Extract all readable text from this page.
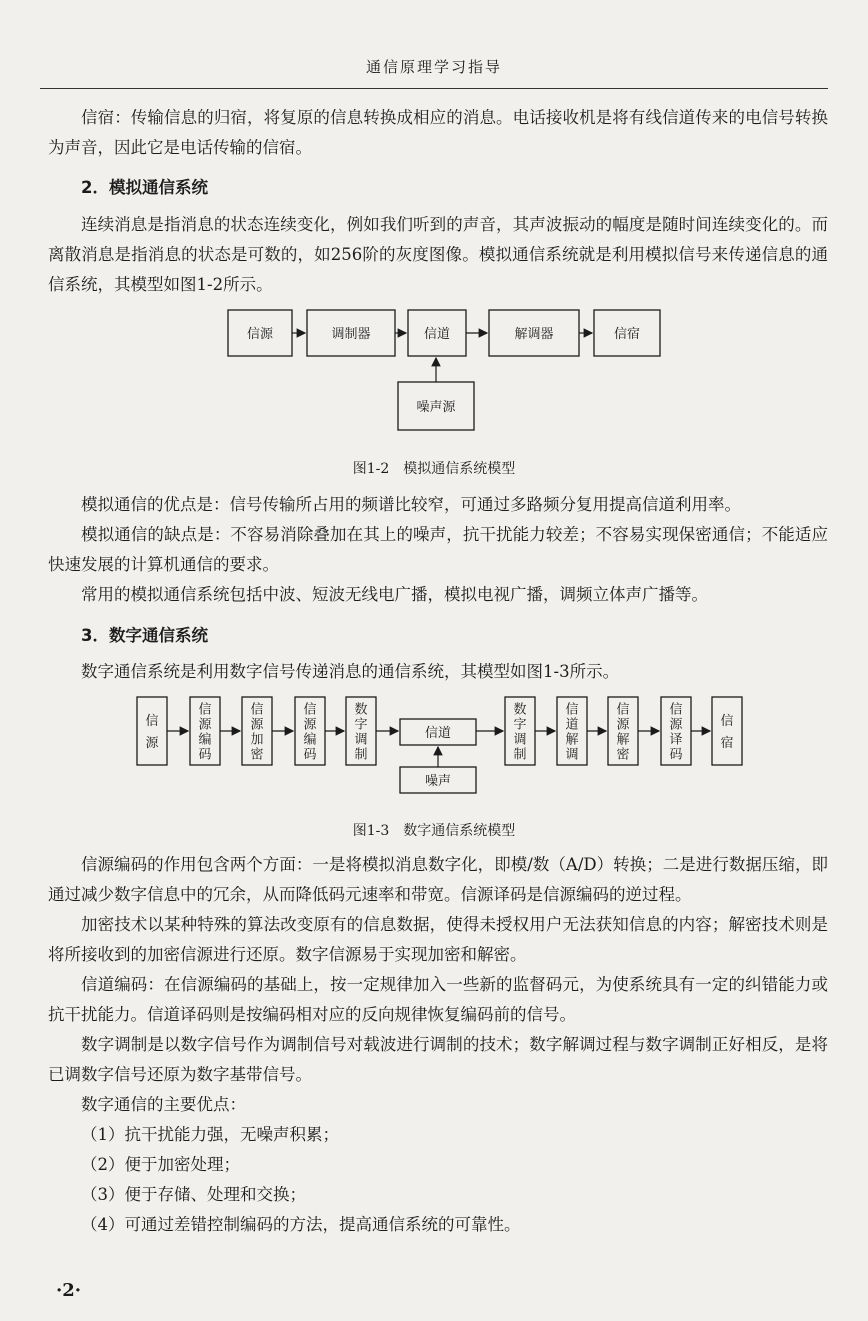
通信原理学习指导

信宿：传输信息的归宿，将复原的信息转换成相应的消息。电话接收机是将有线信道传来的电信号转换为声音，因此它是电话传输的信宿。

2．模拟通信系统

连续消息是指消息的状态连续变化，例如我们听到的声音，其声波振动的幅度是随时间连续变化的。而离散消息是指消息的状态是可数的，如256阶的灰度图像。模拟通信系统就是利用模拟信号来传递信息的通信系统，其模型如图1-2所示。

信源	调制器	信道	解调器	信宿
噪声源
图1-2　模拟通信系统模型

模拟通信的优点是：信号传输所占用的频谱比较窄，可通过多路频分复用提高信道利用率。

模拟通信的缺点是：不容易消除叠加在其上的噪声，抗干扰能力较差；不容易实现保密通信；不能适应快速发展的计算机通信的要求。

常用的模拟通信系统包括中波、短波无线电广播，模拟电视广播，调频立体声广播等。

3．数字通信系统

数字通信系统是利用数字信号传递消息的通信系统，其模型如图1-3所示。

信源
信源编码
信源加密
信源编码
数字调制
信道
数字调制
信道解调
信源解密
信源译码
信宿
噪声
图1-3　数字通信系统模型

信源编码的作用包含两个方面：一是将模拟消息数字化，即模/数（A/D）转换；二是进行数据压缩，即通过减少数字信息中的冗余，从而降低码元速率和带宽。信源译码是信源编码的逆过程。

加密技术以某种特殊的算法改变原有的信息数据，使得未授权用户无法获知信息的内容；解密技术则是将所接收到的加密信源进行还原。数字信源易于实现加密和解密。

信道编码：在信源编码的基础上，按一定规律加入一些新的监督码元，为使系统具有一定的纠错能力或抗干扰能力。信道译码则是按编码相对应的反向规律恢复编码前的信号。

数字调制是以数字信号作为调制信号对载波进行调制的技术；数字解调过程与数字调制正好相反，是将已调数字信号还原为数字基带信号。

数字通信的主要优点：

（1）抗干扰能力强，无噪声积累；
（2）便于加密处理；
（3）便于存储、处理和交换；
（4）可通过差错控制编码的方法，提高通信系统的可靠性。
·2·
